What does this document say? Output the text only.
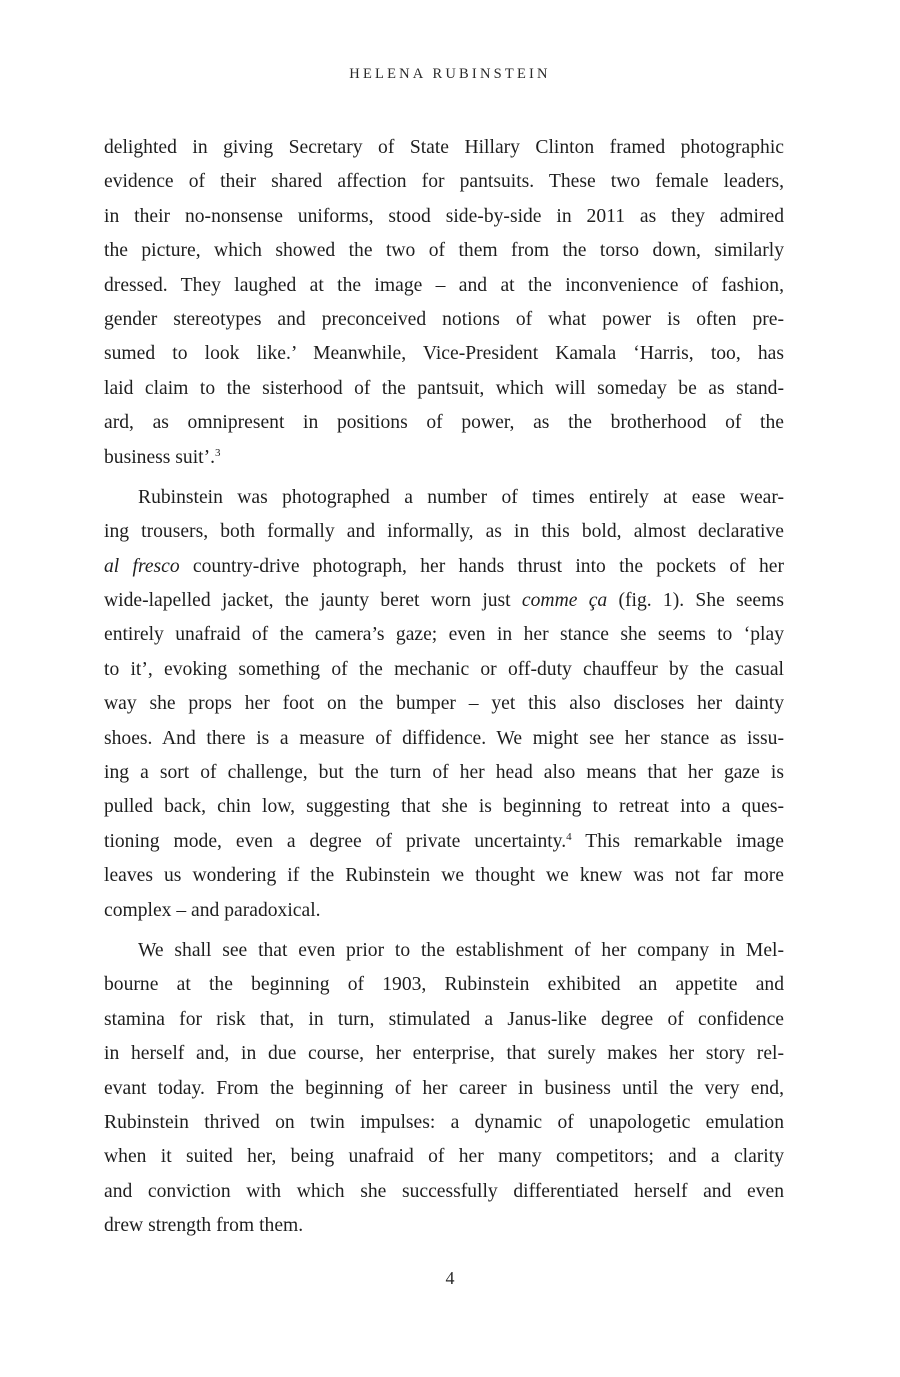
HELENA RUBINSTEIN
delighted in giving Secretary of State Hillary Clinton framed photographic
evidence of their shared affection for pantsuits. These two female leaders,
in their no-nonsense uniforms, stood side-by-side in 2011 as they admired
the picture, which showed the two of them from the torso down, similarly
dressed. They laughed at the image – and at the inconvenience of fashion,
gender stereotypes and preconceived notions of what power is often pre-
sumed to look like.’ Meanwhile, Vice-President Kamala ‘Harris, too, has
laid claim to the sisterhood of the pantsuit, which will someday be as stand-
ard, as omnipresent in positions of power, as the brotherhood of the
business suit’.$^3$
Rubinstein was photographed a number of times entirely at ease wear-
ing trousers, both formally and informally, as in this bold, almost declarative
al fresco country-drive photograph, her hands thrust into the pockets of her
wide-lapelled jacket, the jaunty beret worn just comme ça (fig. 1). She seems
entirely unafraid of the camera’s gaze; even in her stance she seems to ‘play
to it’, evoking something of the mechanic or off-duty chauffeur by the casual
way she props her foot on the bumper – yet this also discloses her dainty
shoes. And there is a measure of diffidence. We might see her stance as issu-
ing a sort of challenge, but the turn of her head also means that her gaze is
pulled back, chin low, suggesting that she is beginning to retreat into a ques-
tioning mode, even a degree of private uncertainty.$^4$ This remarkable image
leaves us wondering if the Rubinstein we thought we knew was not far more
complex – and paradoxical.
We shall see that even prior to the establishment of her company in Mel-
bourne at the beginning of 1903, Rubinstein exhibited an appetite and
stamina for risk that, in turn, stimulated a Janus-like degree of confidence
in herself and, in due course, her enterprise, that surely makes her story rel-
evant today. From the beginning of her career in business until the very end,
Rubinstein thrived on twin impulses: a dynamic of unapologetic emulation
when it suited her, being unafraid of her many competitors; and a clarity
and conviction with which she successfully differentiated herself and even
drew strength from them.
4
